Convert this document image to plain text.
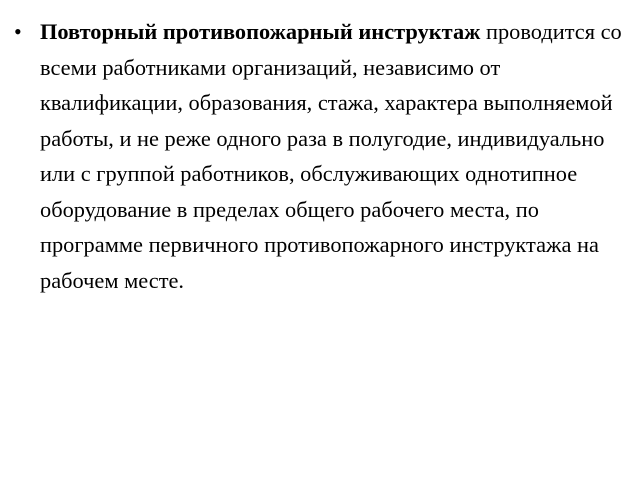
• Повторный противопожарный инструктаж проводится со всеми работниками организаций, независимо от квалификации, образования, стажа, характера выполняемой работы, и не реже одного раза в полугодие, индивидуально или с группой работников, обслуживающих однотипное оборудование в пределах общего рабочего места, по программе первичного противопожарного инструктажа на рабочем месте.
